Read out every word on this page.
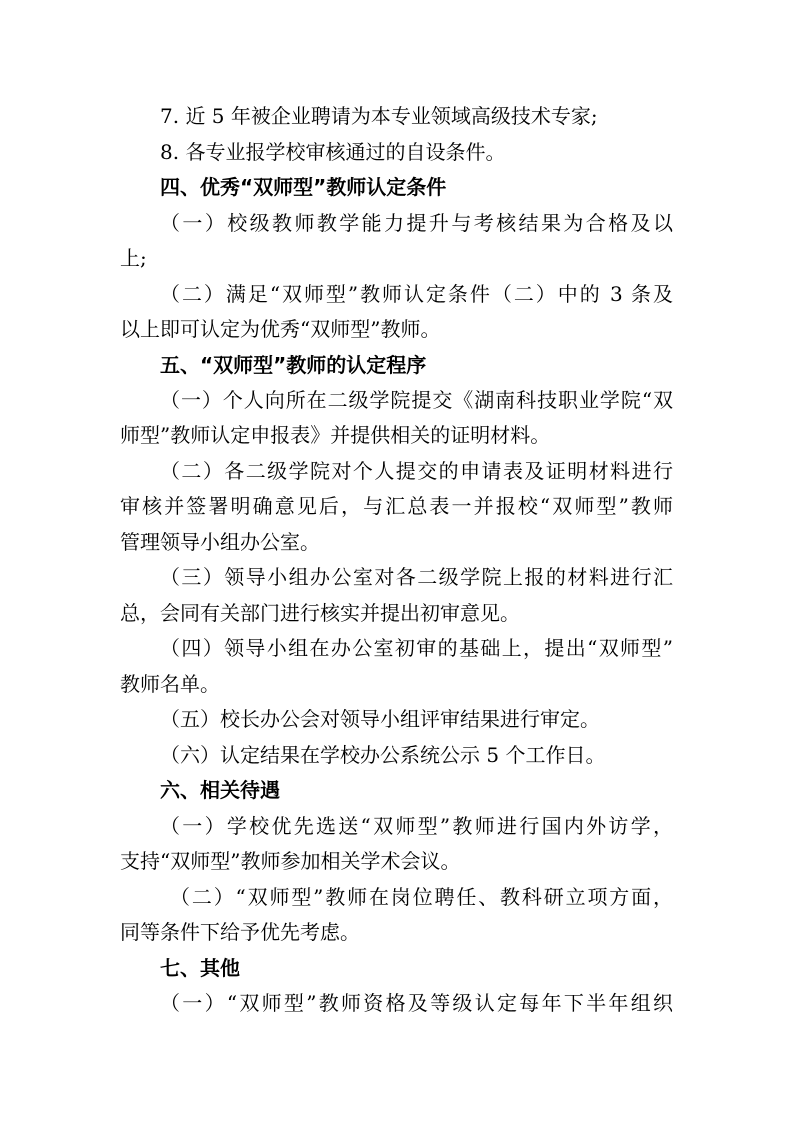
7. 近 5 年被企业聘请为本专业领域高级技术专家;
8. 各专业报学校审核通过的自设条件。
四、优秀“双师型”教师认定条件
（一）校级教师教学能力提升与考核结果为合格及以
上;
（二）满足“双师型”教师认定条件（二）中的 3 条及
以上即可认定为优秀“双师型”教师。
五、“双师型”教师的认定程序
（一）个人向所在二级学院提交《湖南科技职业学院“双
师型”教师认定申报表》并提供相关的证明材料。
（二）各二级学院对个人提交的申请表及证明材料进行
审核并签署明确意见后，与汇总表一并报校“双师型”教师
管理领导小组办公室。
（三）领导小组办公室对各二级学院上报的材料进行汇
总，会同有关部门进行核实并提出初审意见。
（四）领导小组在办公室初审的基础上，提出“双师型”
教师名单。
（五）校长办公会对领导小组评审结果进行审定。
（六）认定结果在学校办公系统公示 5 个工作日。
六、相关待遇
（一）学校优先选送“双师型”教师进行国内外访学，
支持“双师型”教师参加相关学术会议。
（二）“双师型”教师在岗位聘任、教科研立项方面，
同等条件下给予优先考虑。
七、其他
（一）“双师型”教师资格及等级认定每年下半年组织
